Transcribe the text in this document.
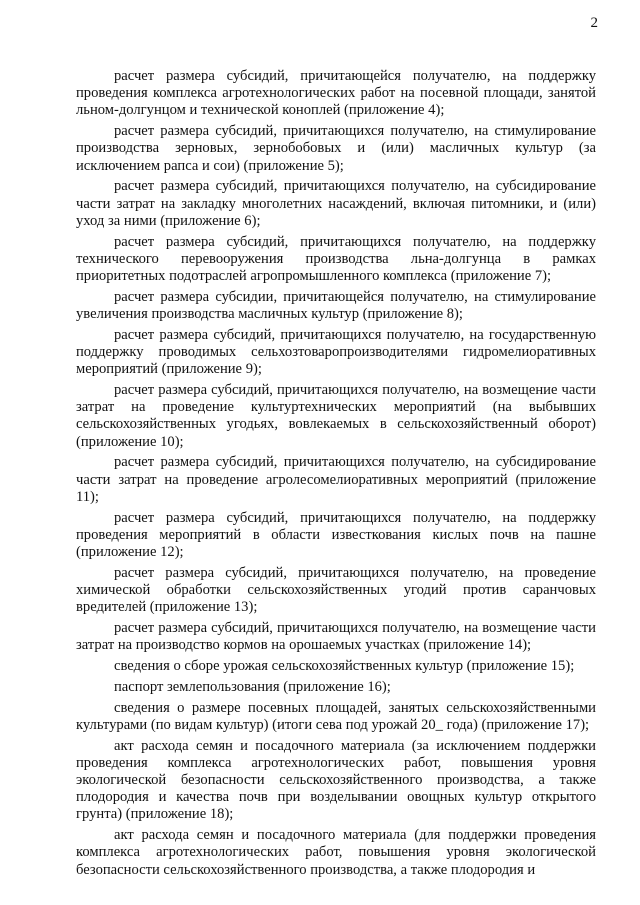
2

расчет размера субсидий, причитающейся получателю, на поддержку проведения комплекса агротехнологических работ на посевной площади, занятой льном-долгунцом и технической коноплей (приложение 4);

расчет размера субсидий, причитающихся получателю, на стимулирование производства зерновых, зернобобовых и (или) масличных культур (за исключением рапса и сои) (приложение 5);

расчет размера субсидий, причитающихся получателю, на субсидирование части затрат на закладку многолетних насаждений, включая питомники, и (или) уход за ними (приложение 6);

расчет размера субсидий, причитающихся получателю, на поддержку технического перевооружения производства льна-долгунца в рамках приоритетных подотраслей агропромышленного комплекса (приложение 7);

расчет размера субсидии, причитающейся получателю, на стимулирование увеличения производства масличных культур (приложение 8);

расчет размера субсидий, причитающихся получателю, на государственную поддержку проводимых сельхозтоваропроизводителями гидромелиоративных мероприятий (приложение 9);

расчет размера субсидий, причитающихся получателю, на возмещение части затрат на проведение культуртехнических мероприятий (на выбывших сельскохозяйственных угодьях, вовлекаемых в сельскохозяйственный оборот) (приложение 10);

расчет размера субсидий, причитающихся получателю, на субсидирование части затрат на проведение агролесомелиоративных мероприятий (приложение 11);

расчет размера субсидий, причитающихся получателю, на поддержку проведения мероприятий в области известкования кислых почв на пашне (приложение 12);

расчет размера субсидий, причитающихся получателю, на проведение химической обработки сельскохозяйственных угодий против саранчовых вредителей (приложение 13);

расчет размера субсидий, причитающихся получателю, на возмещение части затрат на производство кормов на орошаемых участках (приложение 14);

сведения о сборе урожая сельскохозяйственных культур (приложение 15);

паспорт землепользования (приложение 16);

сведения о размере посевных площадей, занятых сельскохозяйственными культурами (по видам культур) (итоги сева под урожай 20_ года) (приложение 17);

акт расхода семян и посадочного материала (за исключением поддержки проведения комплекса агротехнологических работ, повышения уровня экологической безопасности сельскохозяйственного производства, а также плодородия и качества почв при возделывании овощных культур открытого грунта) (приложение 18);

акт расхода семян и посадочного материала (для поддержки проведения комплекса агротехнологических работ, повышения уровня экологической безопасности сельскохозяйственного производства, а также плодородия и
